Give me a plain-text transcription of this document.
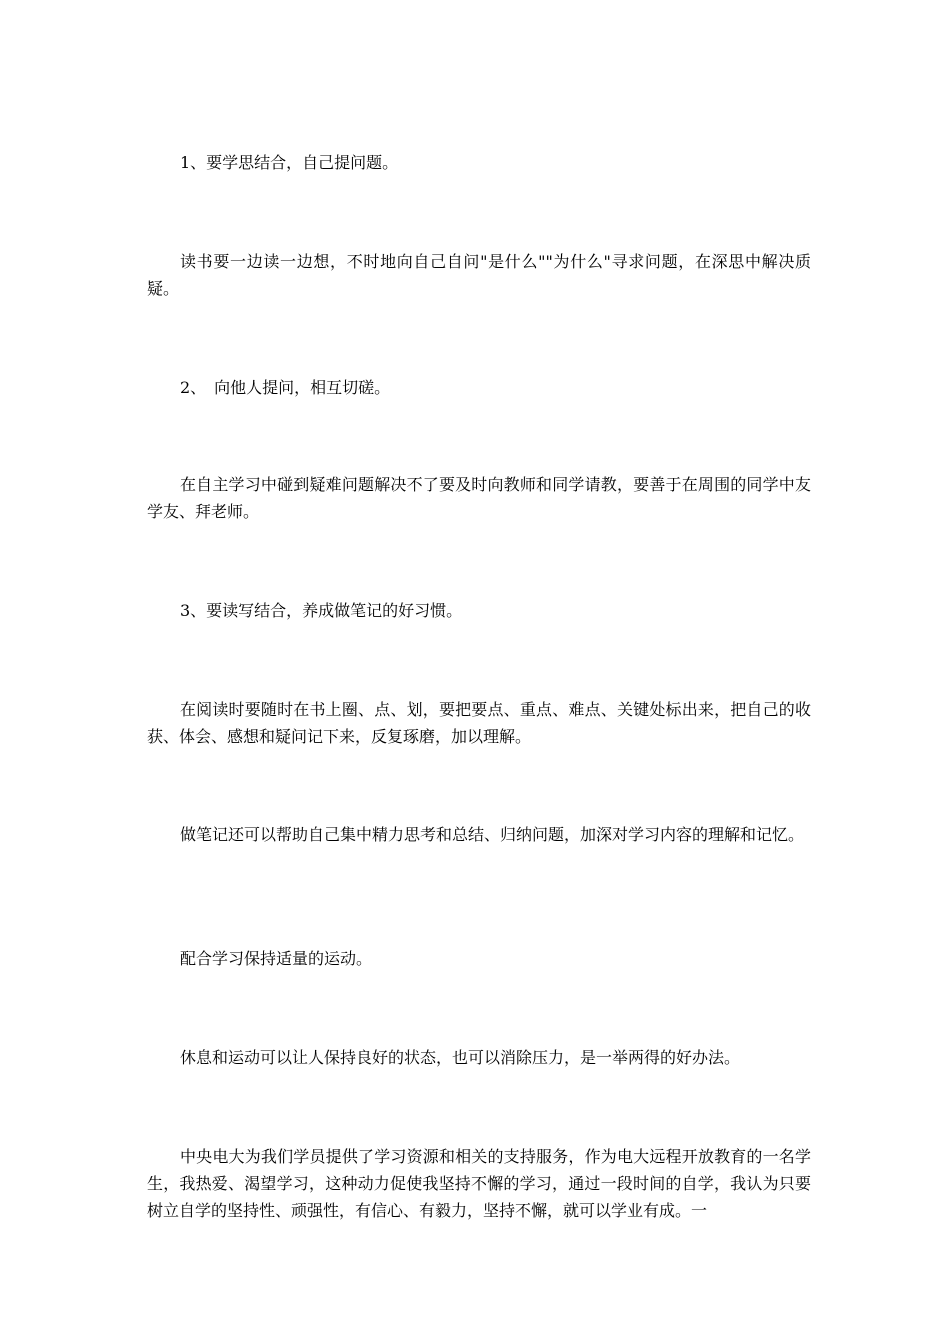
1、要学思结合，自己提问题。

读书要一边读一边想，不时地向自己自问"是什么""为什么"寻求问题，在深思中解决质疑。

2、　向他人提问，相互切磋。

在自主学习中碰到疑难问题解决不了要及时向教师和同学请教，要善于在周围的同学中友学友、拜老师。

3、要读写结合，养成做笔记的好习惯。

在阅读时要随时在书上圈、点、划，要把要点、重点、难点、关键处标出来，把自己的收获、体会、感想和疑问记下来，反复琢磨，加以理解。

做笔记还可以帮助自己集中精力思考和总结、归纳问题，加深对学习内容的理解和记忆。

配合学习保持适量的运动。

休息和运动可以让人保持良好的状态，也可以消除压力，是一举两得的好办法。

中央电大为我们学员提供了学习资源和相关的支持服务，作为电大远程开放教育的一名学生，我热爱、渴望学习，这种动力促使我坚持不懈的学习，通过一段时间的自学，我认为只要树立自学的坚持性、顽强性，有信心、有毅力，坚持不懈，就可以学业有成。一
